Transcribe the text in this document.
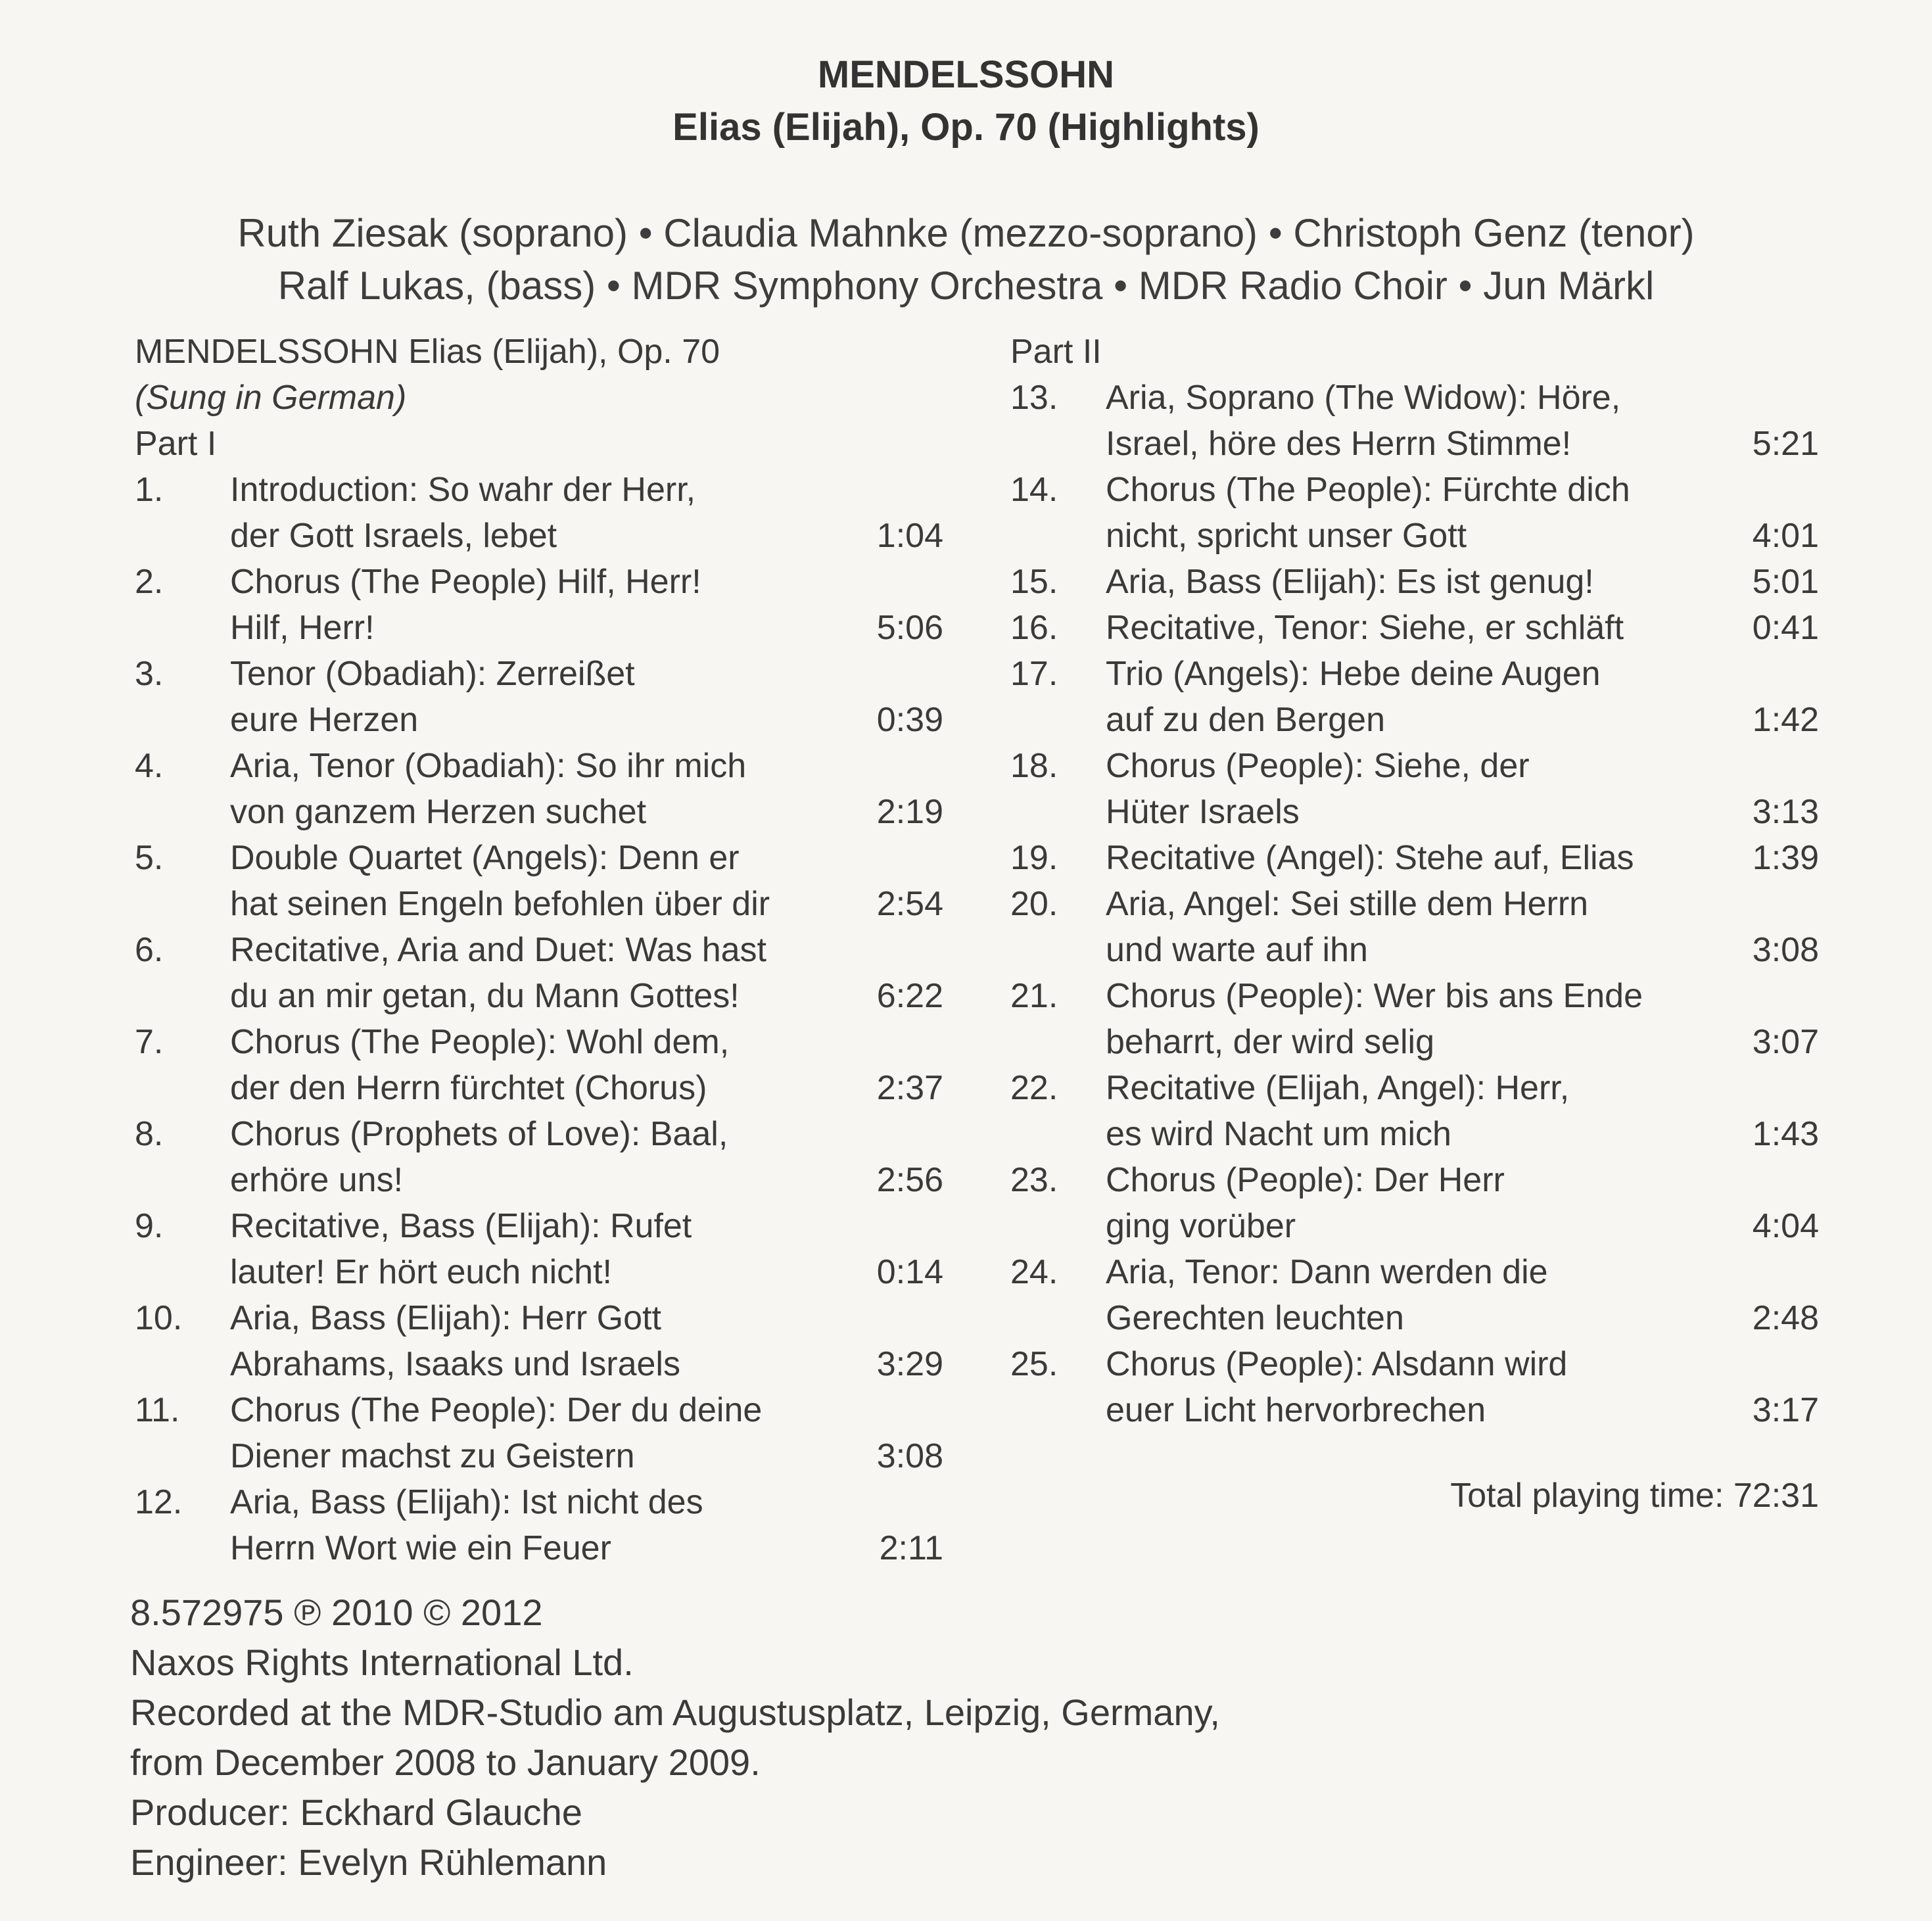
MENDELSSOHN
Elias (Elijah), Op. 70 (Highlights)
Ruth Ziesak (soprano) • Claudia Mahnke (mezzo-soprano) • Christoph Genz (tenor)
Ralf Lukas, (bass) • MDR Symphony Orchestra • MDR Radio Choir • Jun Märkl
MENDELSSOHN Elias (Elijah), Op. 70
(Sung in German)
Part I
1. Introduction: So wahr der Herr,
der Gott Israels, lebet	1:04
2. Chorus (The People) Hilf, Herr!
Hilf, Herr!	5:06
3. Tenor (Obadiah): Zerreißet
eure Herzen	0:39
4. Aria, Tenor (Obadiah): So ihr mich
von ganzem Herzen suchet	2:19
5. Double Quartet (Angels): Denn er
hat seinen Engeln befohlen über dir	2:54
6. Recitative, Aria and Duet: Was hast
du an mir getan, du Mann Gottes!	6:22
7. Chorus (The People): Wohl dem,
der den Herrn fürchtet (Chorus)	2:37
8. Chorus (Prophets of Love): Baal,
erhöre uns!	2:56
9. Recitative, Bass (Elijah): Rufet
lauter! Er hört euch nicht!	0:14
10. Aria, Bass (Elijah): Herr Gott
Abrahams, Isaaks und Israels	3:29
11. Chorus (The People): Der du deine
Diener machst zu Geistern	3:08
12. Aria, Bass (Elijah): Ist nicht des
Herrn Wort wie ein Feuer	2:11
Part II
13. Aria, Soprano (The Widow): Höre,
Israel, höre des Herrn Stimme!	5:21
14. Chorus (The People): Fürchte dich
nicht, spricht unser Gott	4:01
15. Aria, Bass (Elijah): Es ist genug!	5:01
16. Recitative, Tenor: Siehe, er schläft	0:41
17. Trio (Angels): Hebe deine Augen
auf zu den Bergen	1:42
18. Chorus (People): Siehe, der
Hüter Israels	3:13
19. Recitative (Angel): Stehe auf, Elias	1:39
20. Aria, Angel: Sei stille dem Herrn
und warte auf ihn	3:08
21. Chorus (People): Wer bis ans Ende
beharrt, der wird selig	3:07
22. Recitative (Elijah, Angel): Herr,
es wird Nacht um mich	1:43
23. Chorus (People): Der Herr
ging vorüber	4:04
24. Aria, Tenor: Dann werden die
Gerechten leuchten	2:48
25. Chorus (People): Alsdann wird
euer Licht hervorbrechen	3:17
Total playing time: 72:31
8.572975 ℗ 2010 © 2012
Naxos Rights International Ltd.
Recorded at the MDR-Studio am Augustusplatz, Leipzig, Germany,
from December 2008 to January 2009.
Producer: Eckhard Glauche
Engineer: Evelyn Rühlemann
